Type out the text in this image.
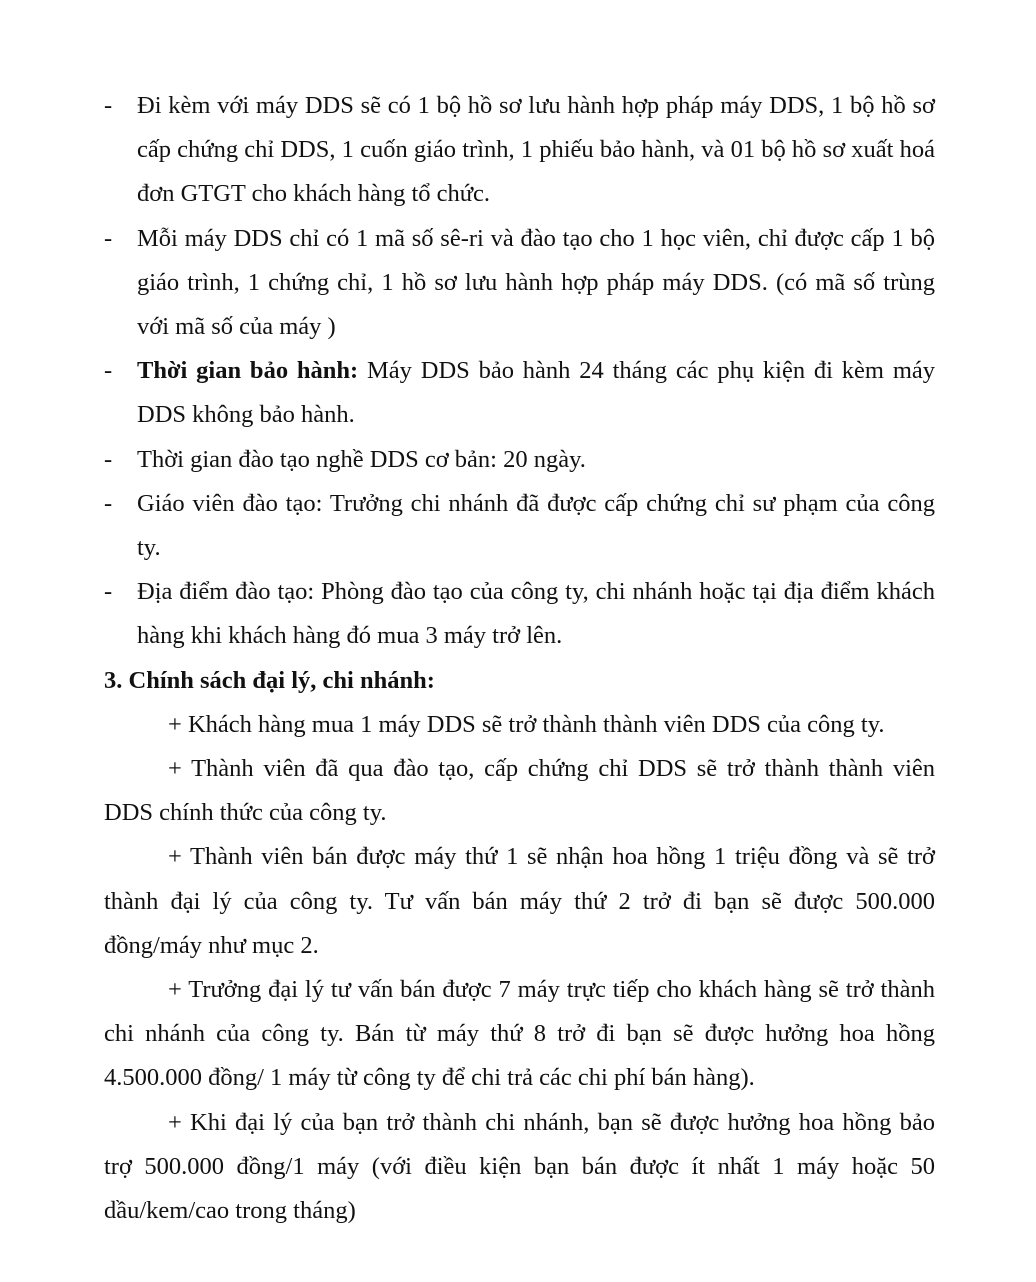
- Đi kèm với máy DDS sẽ có 1 bộ hồ sơ lưu hành hợp pháp máy DDS, 1 bộ hồ sơ cấp chứng chỉ DDS, 1 cuốn giáo trình, 1 phiếu bảo hành, và 01 bộ hồ sơ xuất hoá đơn GTGT cho khách hàng tổ chức.

- Mỗi máy DDS chỉ có 1 mã số sê-ri và đào tạo cho 1 học viên, chỉ được cấp 1 bộ giáo trình, 1 chứng chỉ, 1 hồ sơ lưu hành hợp pháp máy DDS. (có mã số trùng với mã số của máy )

- Thời gian bảo hành: Máy DDS bảo hành 24 tháng các phụ kiện đi kèm máy DDS không bảo hành.

- Thời gian đào tạo nghề DDS cơ bản: 20 ngày.

- Giáo viên đào tạo: Trưởng chi nhánh đã được cấp chứng chỉ sư phạm của công ty.

- Địa điểm đào tạo: Phòng đào tạo của công ty, chi nhánh hoặc tại địa điểm khách hàng khi khách hàng đó mua 3 máy trở lên.

3. Chính sách đại lý, chi nhánh:

+ Khách hàng mua 1 máy DDS sẽ trở thành thành viên DDS của công ty.

+ Thành viên đã qua đào tạo, cấp chứng chỉ DDS sẽ trở thành thành viên DDS chính thức của công ty.

+ Thành viên bán được máy thứ 1 sẽ nhận hoa hồng 1 triệu đồng và sẽ trở thành đại lý của công ty. Tư vấn bán máy thứ 2 trở đi bạn sẽ được 500.000 đồng/máy như mục 2.

+ Trưởng đại lý tư vấn bán được 7 máy trực tiếp cho khách hàng sẽ trở thành chi nhánh của công ty. Bán từ máy thứ 8 trở đi bạn sẽ được hưởng hoa hồng 4.500.000 đồng/ 1 máy từ công ty để chi trả các chi phí bán hàng).

+ Khi đại lý của bạn trở thành chi nhánh, bạn sẽ được hưởng hoa hồng bảo trợ 500.000 đồng/1 máy (với điều kiện bạn bán được ít nhất 1 máy hoặc 50 dầu/kem/cao trong tháng)
